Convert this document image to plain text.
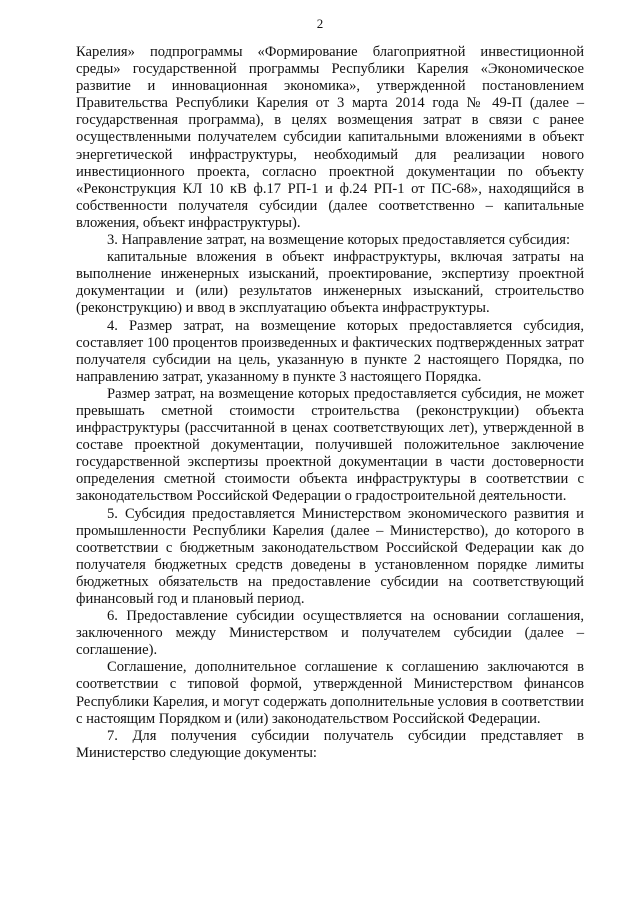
2

Карелия» подпрограммы «Формирование благоприятной инвестиционной среды» государственной программы Республики Карелия «Экономическое развитие и инновационная экономика», утвержденной постановлением Правительства Республики Карелия от 3 марта 2014 года № 49-П (далее – государственная программа), в целях возмещения затрат в связи с ранее осуществленными получателем субсидии капитальными вложениями в объект энергетической инфраструктуры, необходимый для реализации нового инвестиционного проекта, согласно проектной документации по объекту «Реконструкция КЛ 10 кВ ф.17 РП-1 и ф.24 РП-1 от ПС-68», находящийся в собственности получателя субсидии (далее соответственно – капитальные вложения, объект инфраструктуры).

3. Направление затрат, на возмещение которых предоставляется субсидия:

капитальные вложения в объект инфраструктуры, включая затраты на выполнение инженерных изысканий, проектирование, экспертизу проектной документации и (или) результатов инженерных изысканий, строительство (реконструкцию) и ввод в эксплуатацию объекта инфраструктуры.

4. Размер затрат, на возмещение которых предоставляется субсидия, составляет 100 процентов произведенных и фактических подтвержденных затрат получателя субсидии на цель, указанную в пункте 2 настоящего Порядка, по направлению затрат, указанному в пункте 3 настоящего Порядка.

Размер затрат, на возмещение которых предоставляется субсидия, не может превышать сметной стоимости строительства (реконструкции) объекта инфраструктуры (рассчитанной в ценах соответствующих лет), утвержденной в составе проектной документации, получившей положительное заключение государственной экспертизы проектной документации в части достоверности определения сметной стоимости объекта инфраструктуры в соответствии с законодательством Российской Федерации о градостроительной деятельности.

5. Субсидия предоставляется Министерством экономического развития и промышленности Республики Карелия (далее – Министерство), до которого в соответствии с бюджетным законодательством Российской Федерации как до получателя бюджетных средств доведены в установленном порядке лимиты бюджетных обязательств на предоставление субсидии на соответствующий финансовый год и плановый период.

6. Предоставление субсидии осуществляется на основании соглашения, заключенного между Министерством и получателем субсидии (далее – соглашение).

Соглашение, дополнительное соглашение к соглашению заключаются в соответствии с типовой формой, утвержденной Министерством финансов Республики Карелия, и могут содержать дополнительные условия в соответствии с настоящим Порядком и (или) законодательством Российской Федерации.

7. Для получения субсидии получатель субсидии представляет в Министерство следующие документы:
